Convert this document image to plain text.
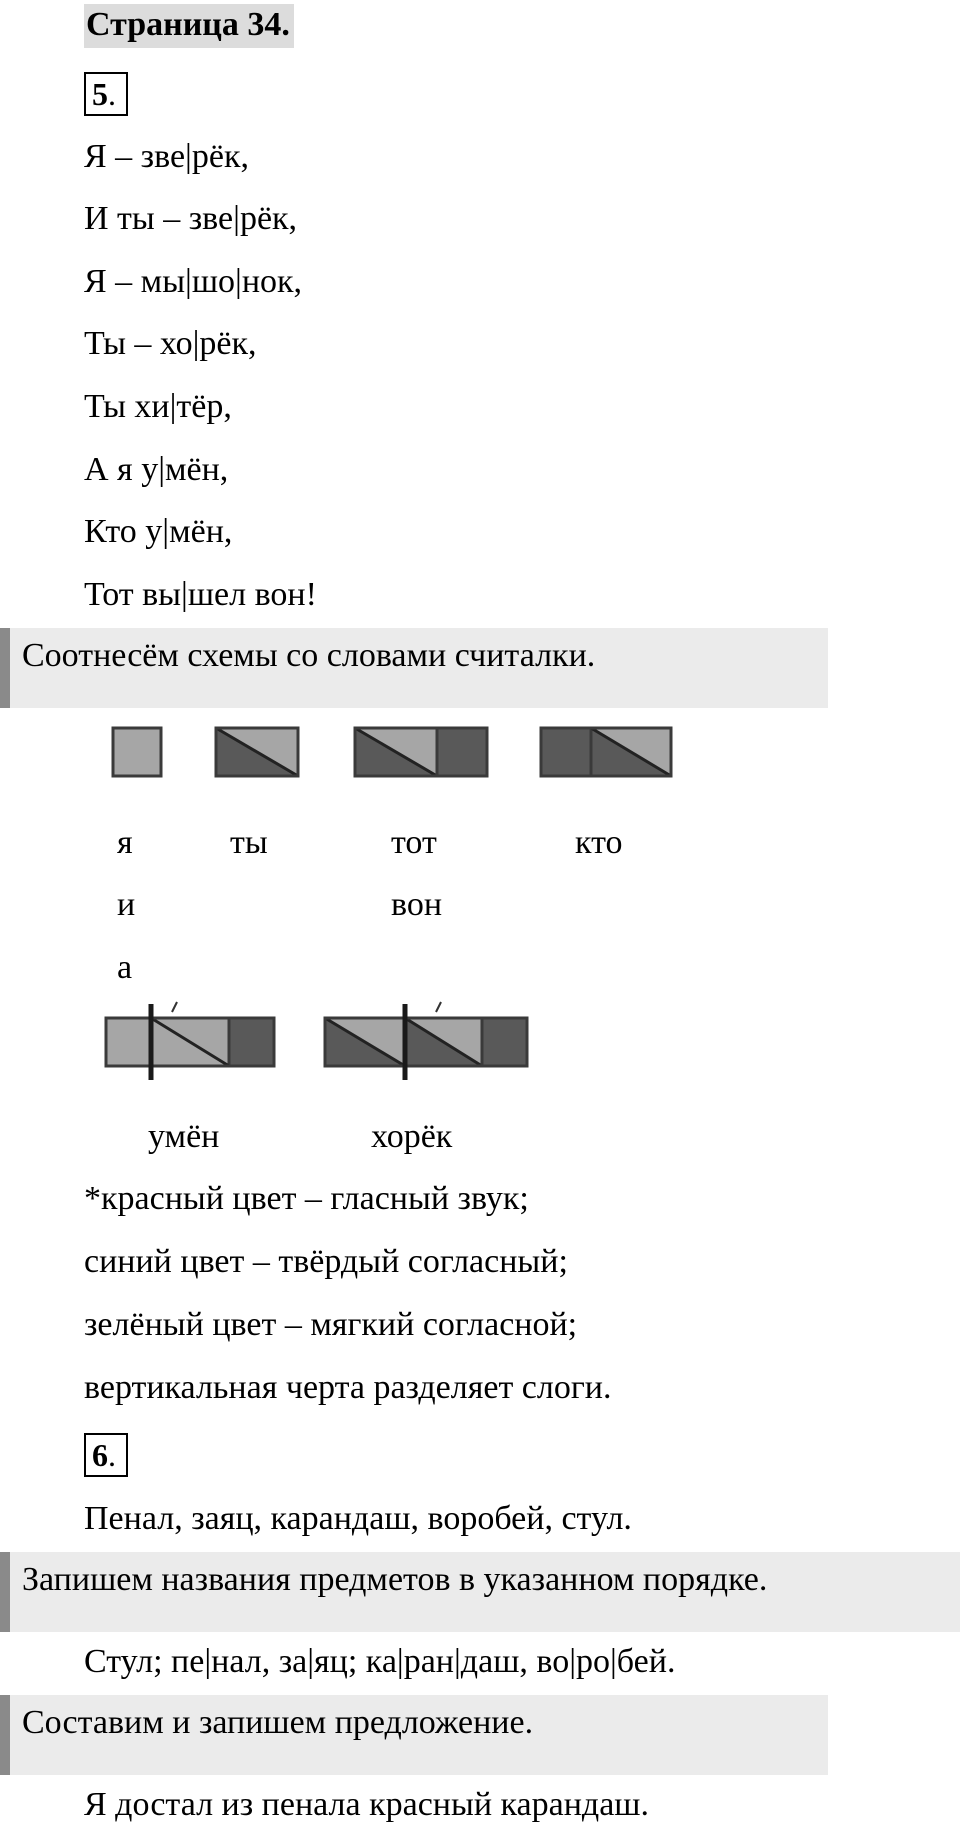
Страница 34.
5.
Я – зве|рёк,
И ты – зве|рёк,
Я – мы|шо|нок,
Ты – хо|рёк,
Ты хи|тёр,
А я у|мён,
Кто у|мён,
Тот вы|шел вон!
Соотнесём схемы со словами считалки.
я
и
а
ты	тот
вон
кто
умён	хорёк
*красный цвет – гласный звук;
синий цвет – твёрдый согласный;
зелёный цвет – мягкий согласной;
вертикальная черта разделяет слоги.
6.
Пенал, заяц, карандаш, воробей, стул.
Запишем названия предметов в указанном порядке.
Стул; пе|нал, за|яц; ка|ран|даш, во|ро|бей.
Составим и запишем предложение.
Я достал из пенала красный карандаш.
